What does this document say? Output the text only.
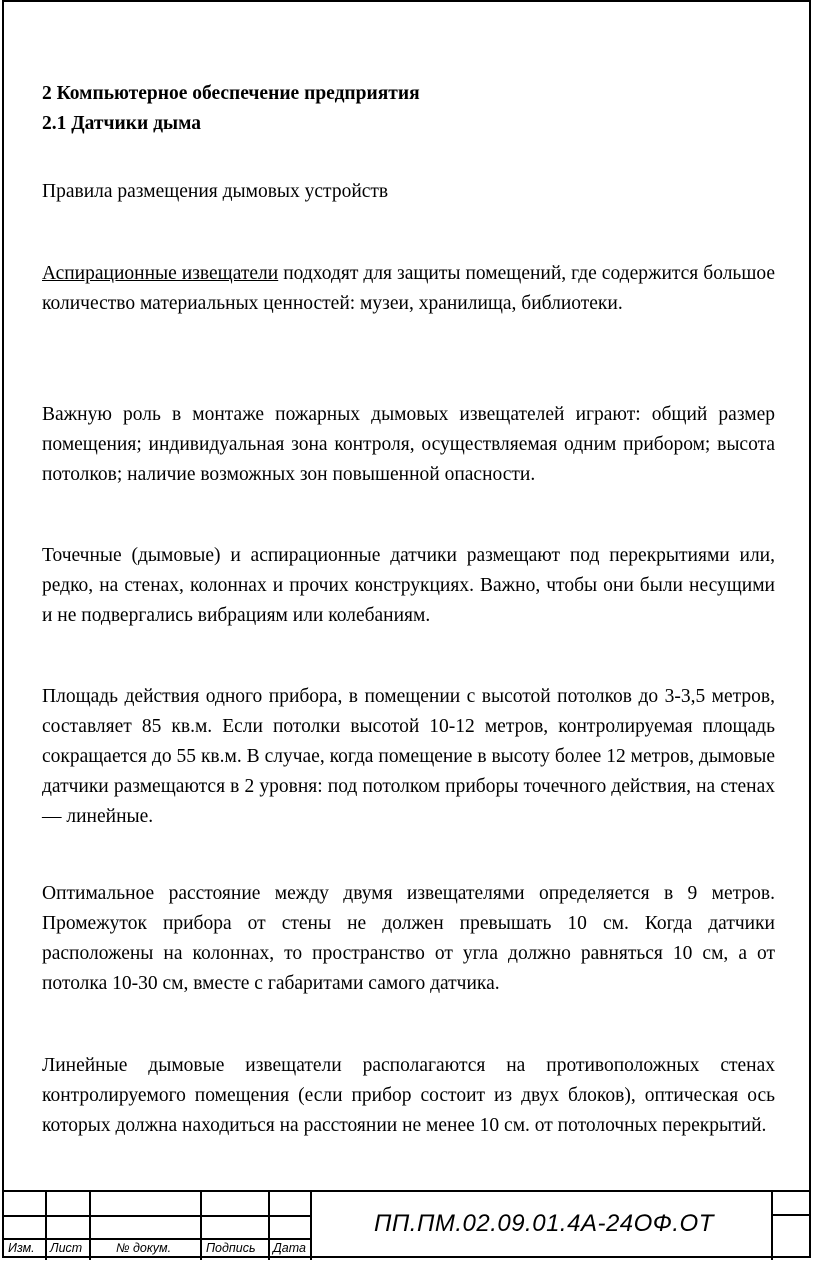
2 Компьютерное обеспечение предприятия
2.1 Датчики дыма

Правила размещения дымовых устройств

Аспирационные извещатели подходят для защиты помещений, где содержится большое количество материальных ценностей: музеи, хранилища, библиотеки.

Важную роль в монтаже пожарных дымовых извещателей играют: общий размер помещения; индивидуальная зона контроля, осуществляемая одним прибором; высота потолков; наличие возможных зон повышенной опасности.

Точечные (дымовые) и аспирационные датчики размещают под перекрытиями или, редко, на стенах, колоннах и прочих конструкциях. Важно, чтобы они были несущими и не подвергались вибрациям или колебаниям.

Площадь действия одного прибора, в помещении с высотой потолков до 3-3,5 метров, составляет 85 кв.м. Если потолки высотой 10-12 метров, контролируемая площадь сокращается до 55 кв.м. В случае, когда помещение в высоту более 12 метров, дымовые датчики размещаются в 2 уровня: под потолком приборы точечного действия, на стенах — линейные.

Оптимальное расстояние между двумя извещателями определяется в 9 метров. Промежуток прибора от стены не должен превышать 10 см. Когда датчики расположены на колоннах, то пространство от угла должно равняться 10 см, а от потолка 10-30 см, вместе с габаритами самого датчика.

Линейные дымовые извещатели располагаются на противоположных стенах контролируемого помещения (если прибор состоит из двух блоков), оптическая ось которых должна находиться на расстоянии не менее 10 см. от потолочных перекрытий.

Изм. Лист	№ докум.	Подпись Дата
ПП.ПМ.02.09.01.4А-24ОФ.ОТ
